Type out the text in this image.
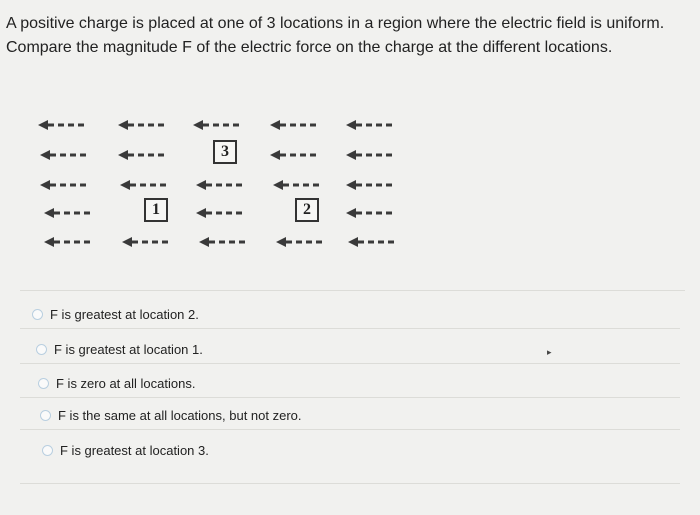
A positive charge is placed at one of 3 locations in a region where the electric field is uniform.
Compare the magnitude F of the electric force on the charge at the different locations.
3
1	2
F is greatest at location 2.
F is greatest at location 1.
F is zero at all locations.
F is the same at all locations, but not zero.
F is greatest at location 3.
▸
